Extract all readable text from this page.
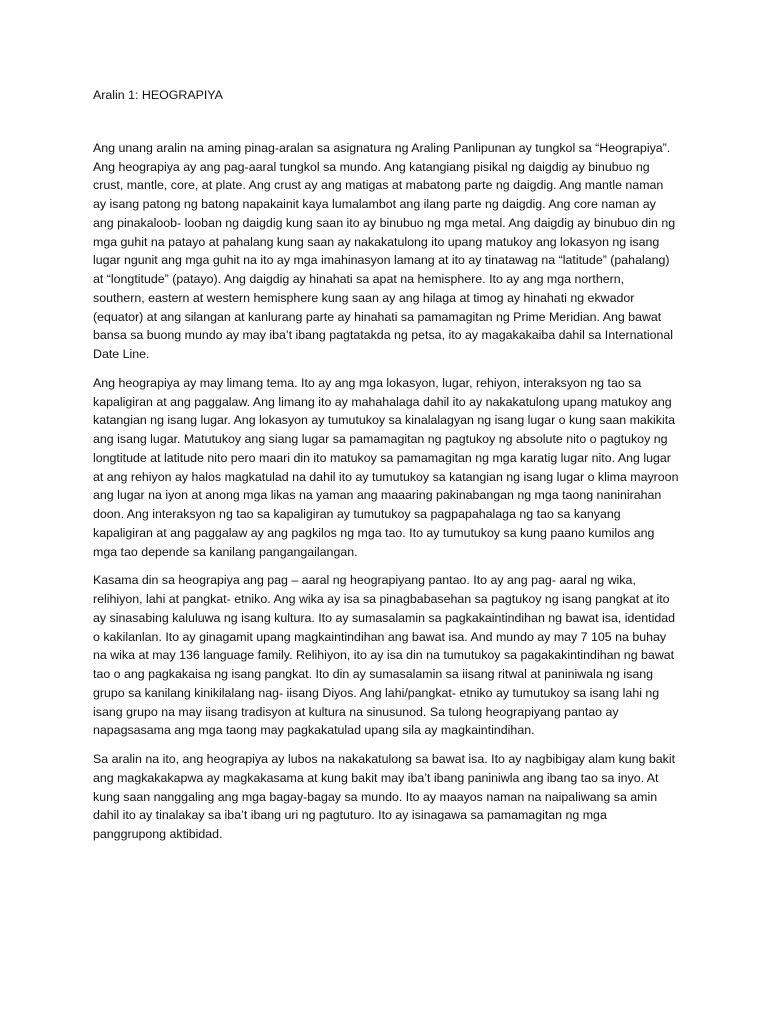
Aralin 1: HEOGRAPIYA

Ang unang aralin na aming pinag-aralan sa asignatura ng Araling Panlipunan ay tungkol sa “Heograpiya”. Ang heograpiya ay ang pag-aaral tungkol sa mundo. Ang katangiang pisikal ng daigdig ay binubuo ng crust, mantle, core, at plate. Ang crust ay ang matigas at mabatong parte ng daigdig. Ang mantle naman ay isang patong ng batong napakainit kaya lumalambot ang ilang parte ng daigdig. Ang core naman ay ang pinakaloob- looban ng daigdig kung saan ito ay binubuo ng mga metal. Ang daigdig ay binubuo din ng mga guhit na patayo at pahalang kung saan ay nakakatulong ito upang matukoy ang lokasyon ng isang lugar ngunit ang mga guhit na ito ay mga imahinasyon lamang at ito ay tinatawag na “latitude” (pahalang) at “longtitude” (patayo). Ang daigdig ay hinahati sa apat na hemisphere. Ito ay ang mga northern, southern, eastern at western hemisphere kung saan ay ang hilaga at timog ay hinahati ng ekwador (equator) at ang silangan at kanlurang parte ay hinahati sa pamamagitan ng Prime Meridian. Ang bawat bansa sa buong mundo ay may iba’t ibang pagtatakda ng petsa, ito ay magakakaiba dahil sa International Date Line.

Ang heograpiya ay may limang tema. Ito ay ang mga lokasyon, lugar, rehiyon, interaksyon ng tao sa kapaligiran at ang paggalaw. Ang limang ito ay mahahalaga dahil ito ay nakakatulong upang matukoy ang katangian ng isang lugar. Ang lokasyon ay tumutukoy sa kinalalagyan ng isang lugar o kung saan makikita ang isang lugar. Matutukoy ang siang lugar sa pamamagitan ng pagtukoy ng absolute nito o pagtukoy ng longtitude at latitude nito pero maari din ito matukoy sa pamamagitan ng mga karatig lugar nito. Ang lugar at ang rehiyon ay halos magkatulad na dahil ito ay tumutukoy sa katangian ng isang lugar o klima mayroon ang lugar na iyon at anong mga likas na yaman ang maaaring pakinabangan ng mga taong naninirahan doon. Ang interaksyon ng tao sa kapaligiran ay tumutukoy sa pagpapahalaga ng tao sa kanyang kapaligiran at ang paggalaw ay ang pagkilos ng mga tao. Ito ay tumutukoy sa kung paano kumilos ang mga tao depende sa kanilang pangangailangan.

Kasama din sa heograpiya ang pag – aaral ng heograpiyang pantao. Ito ay ang pag- aaral ng wika, relihiyon, lahi at pangkat- etniko. Ang wika ay isa sa pinagbabasehan sa pagtukoy ng isang pangkat at ito ay sinasabing kaluluwa ng isang kultura. Ito ay sumasalamin sa pagkakaintindihan ng bawat isa, identidad o kakilanlan. Ito ay ginagamit upang magkaintindihan ang bawat isa. And mundo ay may 7 105 na buhay na wika at may 136 language family. Relihiyon, ito ay isa din na tumutukoy sa pagakakintindihan ng bawat tao o ang pagkakaisa ng isang pangkat. Ito din ay sumasalamin sa iisang ritwal at paniniwala ng isang grupo sa kanilang kinikilalang nag- iisang Diyos. Ang lahi/pangkat- etniko ay tumutukoy sa isang lahi ng isang grupo na may iisang tradisyon at kultura na sinusunod. Sa tulong heograpiyang pantao ay napagsasama ang mga taong may pagkakatulad upang sila ay magkaintindihan.

Sa aralin na ito, ang heograpiya ay lubos na nakakatulong sa bawat isa. Ito ay nagbibigay alam kung bakit ang magkakakapwa ay magkakasama at kung bakit may iba’t ibang paniniwla ang ibang tao sa inyo. At kung saan nanggaling ang mga bagay-bagay sa mundo. Ito ay maayos naman na naipaliwang sa amin dahil ito ay tinalakay sa iba’t ibang uri ng pagtuturo. Ito ay isinagawa sa pamamagitan ng mga panggrupong aktibidad.
